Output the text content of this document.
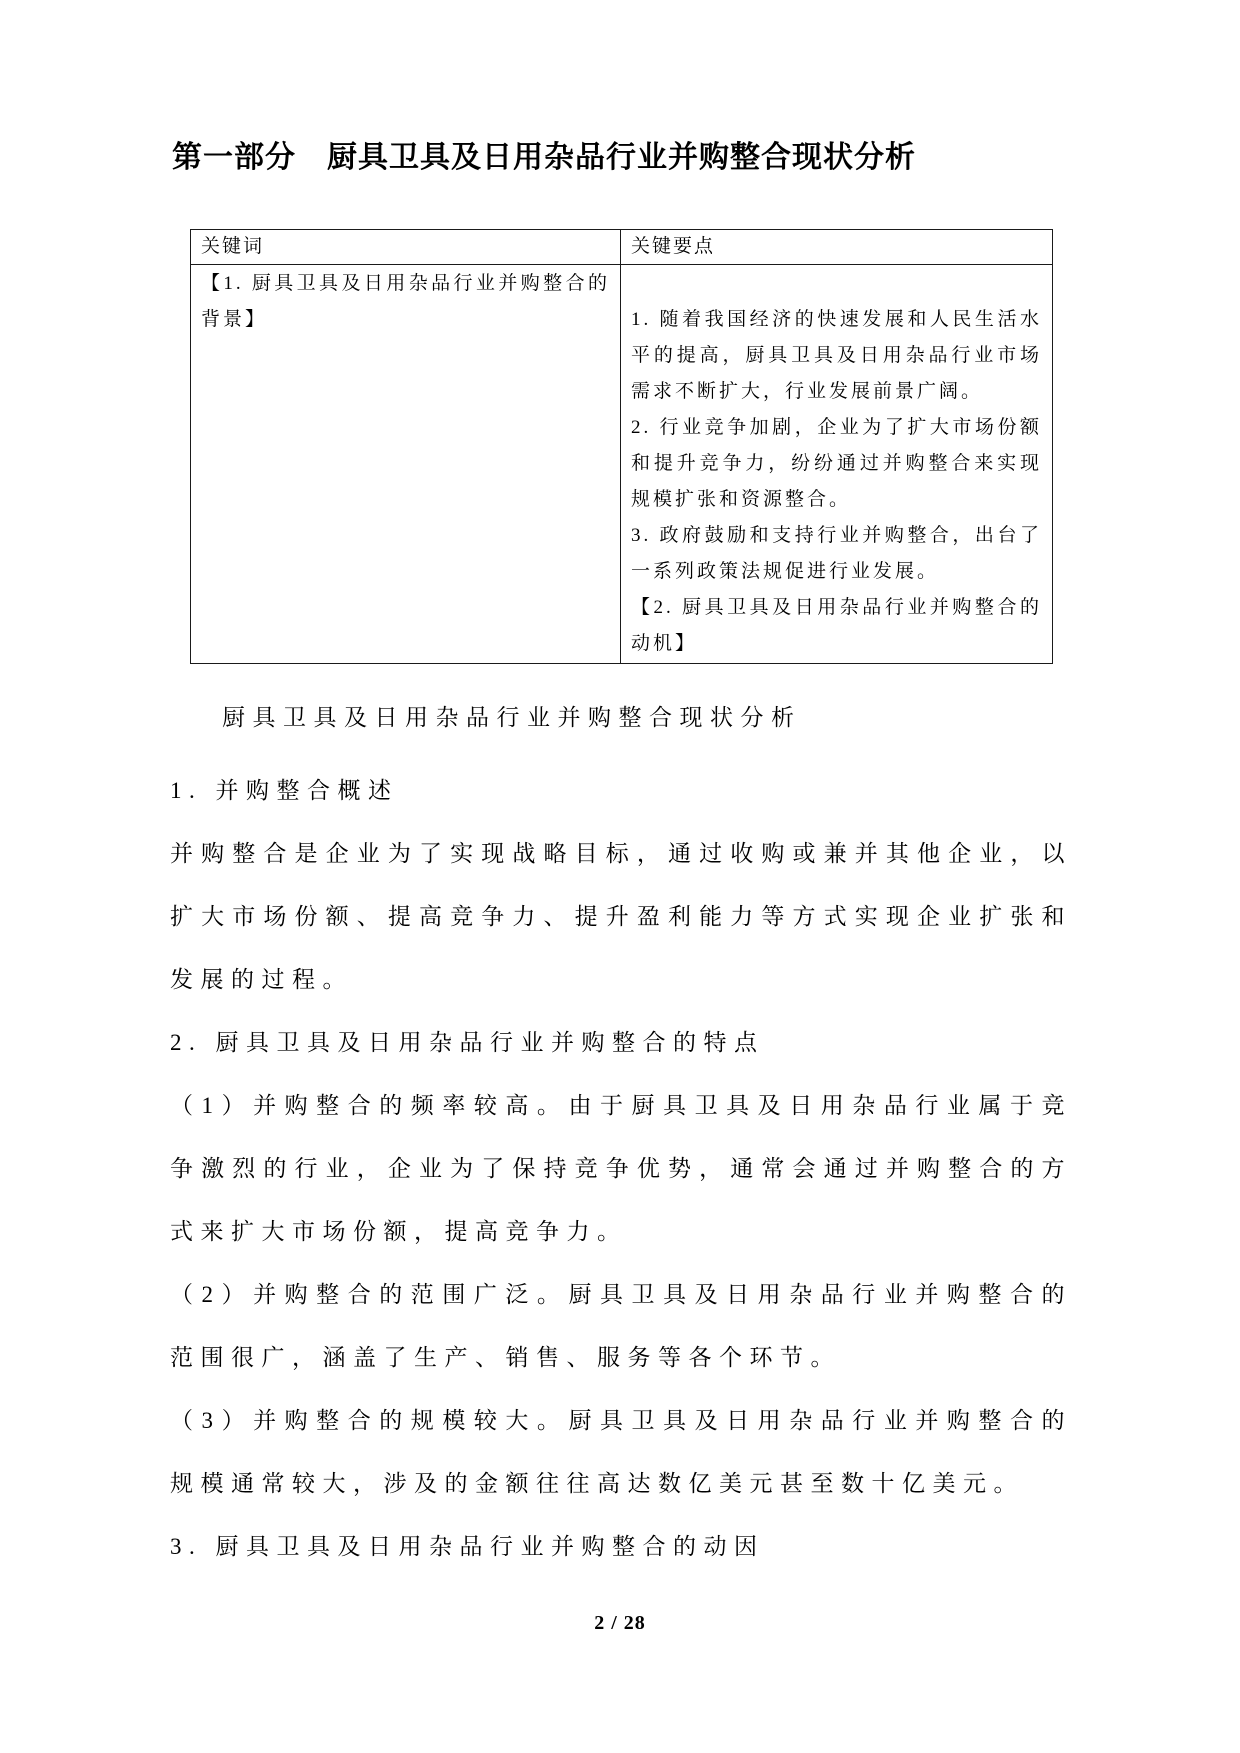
第一部分　厨具卫具及日用杂品行业并购整合现状分析
关键词	关键要点

【1. 厨具卫具及日用杂品行业并购整合的背景】	1. 随着我国经济的快速发展和人民生活水平的提高，厨具卫具及日用杂品行业市场需求不断扩大，行业发展前景广阔。
2. 行业竞争加剧，企业为了扩大市场份额和提升竞争力，纷纷通过并购整合来实现规模扩张和资源整合。
3. 政府鼓励和支持行业并购整合，出台了一系列政策法规促进行业发展。
【2. 厨具卫具及日用杂品行业并购整合的动机】

厨具卫具及日用杂品行业并购整合现状分析

1. 并购整合概述

并购整合是企业为了实现战略目标，通过收购或兼并其他企业，以扩大市场份额、提高竞争力、提升盈利能力等方式实现企业扩张和发展的过程。

2. 厨具卫具及日用杂品行业并购整合的特点

（1）并购整合的频率较高。由于厨具卫具及日用杂品行业属于竞争激烈的行业，企业为了保持竞争优势，通常会通过并购整合的方式来扩大市场份额，提高竞争力。

（2）并购整合的范围广泛。厨具卫具及日用杂品行业并购整合的范围很广，涵盖了生产、销售、服务等各个环节。

（3）并购整合的规模较大。厨具卫具及日用杂品行业并购整合的规模通常较大，涉及的金额往往高达数亿美元甚至数十亿美元。

3. 厨具卫具及日用杂品行业并购整合的动因

2 / 28
